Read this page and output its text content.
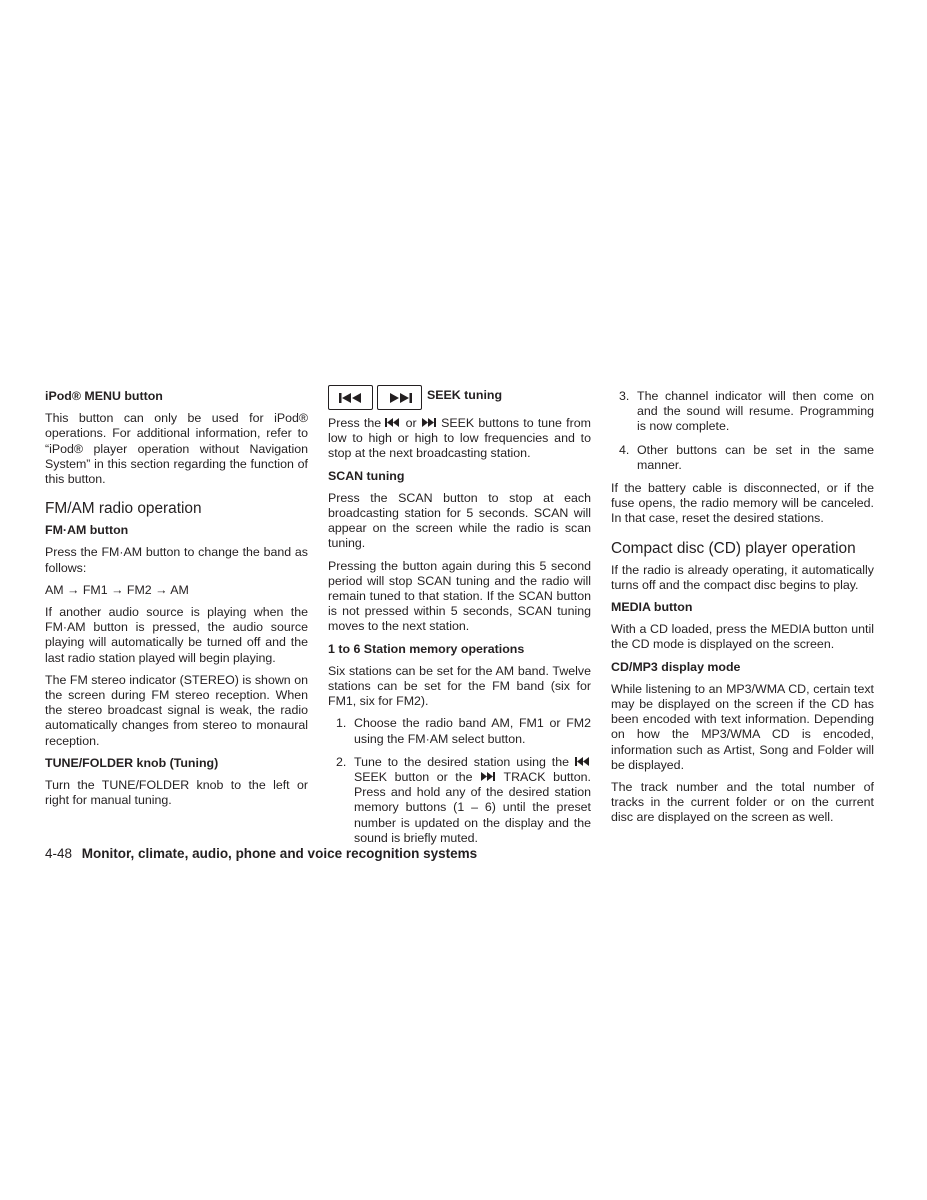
iPod® MENU button

This button can only be used for iPod® operations. For additional information, refer to “iPod® player operation without Navigation System” in this section regarding the function of this button.

FM/AM radio operation
FM·AM button

Press the FM·AM button to change the band as follows:

AM → FM1 → FM2 → AM

If another audio source is playing when the FM·AM button is pressed, the audio source playing will automatically be turned off and the last radio station played will begin playing.

The FM stereo indicator (STEREO) is shown on the screen during FM stereo reception. When the stereo broadcast signal is weak, the radio automatically changes from stereo to monaural reception.

TUNE/FOLDER knob (Tuning)

Turn the TUNE/FOLDER knob to the left or right for manual tuning.

SEEK tuning

Press the or SEEK buttons to tune from low to high or high to low frequencies and to stop at the next broadcasting station.

SCAN tuning

Press the SCAN button to stop at each broadcasting station for 5 seconds. SCAN will appear on the screen while the radio is scan tuning.

Pressing the button again during this 5 second period will stop SCAN tuning and the radio will remain tuned to that station. If the SCAN button is not pressed within 5 seconds, SCAN tuning moves to the next station.

1 to 6 Station memory operations

Six stations can be set for the AM band. Twelve stations can be set for the FM band (six for FM1, six for FM2).

1. Choose the radio band AM, FM1 or FM2 using the FM·AM select button.
2. Tune to the desired station using the  SEEK button or the TRACK button. Press and hold any of the desired station memory buttons (1 – 6) until the preset number is updated on the display and the sound is briefly muted.
3. The channel indicator will then come on and the sound will resume. Programming is now complete.
4. Other buttons can be set in the same manner.

If the battery cable is disconnected, or if the fuse opens, the radio memory will be canceled. In that case, reset the desired stations.

Compact disc (CD) player operation

If the radio is already operating, it automatically turns off and the compact disc begins to play.

MEDIA button

With a CD loaded, press the MEDIA button until the CD mode is displayed on the screen.

CD/MP3 display mode

While listening to an MP3/WMA CD, certain text may be displayed on the screen if the CD has been encoded with text information. Depending on how the MP3/WMA CD is encoded, information such as Artist, Song and Folder will be displayed.

The track number and the total number of tracks in the current folder or on the current disc are displayed on the screen as well.

4-48 Monitor, climate, audio, phone and voice recognition systems
